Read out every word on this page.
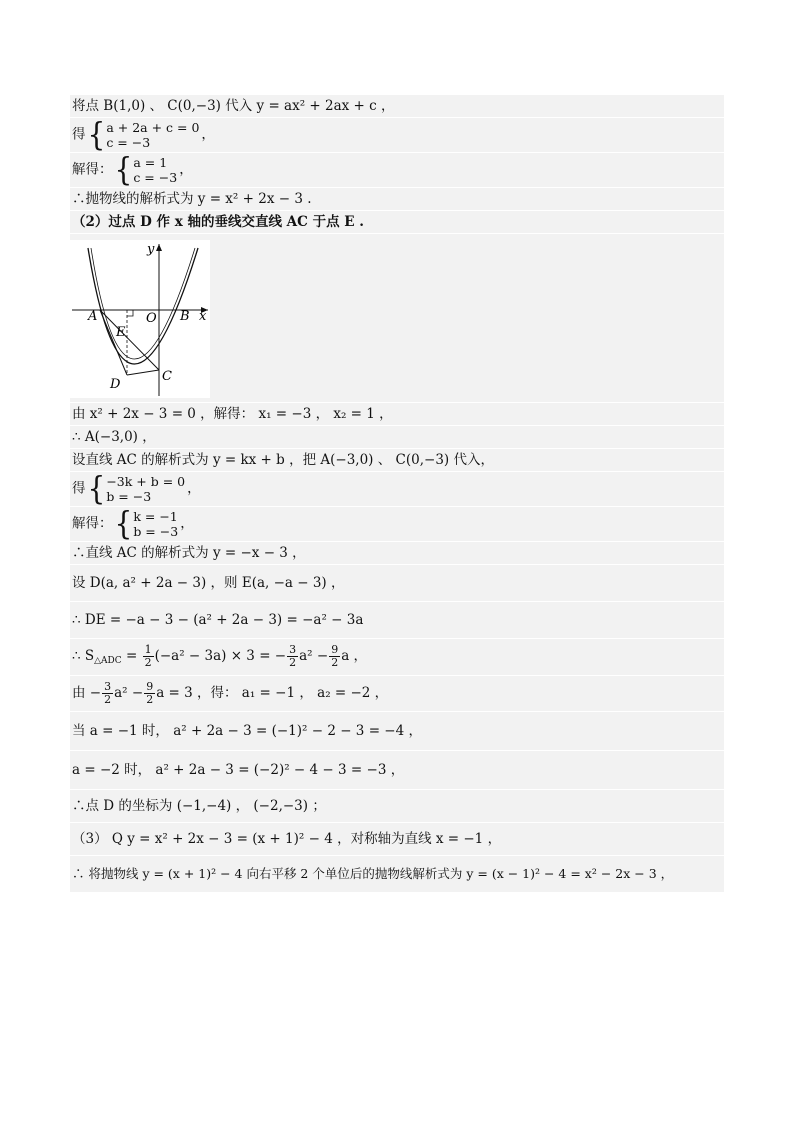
将点 B(1,0) 、 C(0,−3) 代入 y = ax² + 2ax + c ，
得 { a + 2a + c = 0
c = −3	，
解得： { a = 1
c = −3 ，
∴抛物线的解析式为 y = x² + 2x − 3 .
（2）过点 D 作 x 轴的垂线交直线 AC 于点 E .
y
x
A	O B
E
D
C
由 x² + 2x − 3 = 0 ，解得： x₁ = −3 ， x₂ = 1 ，
∴ A(−3,0) ，
设直线 AC 的解析式为 y = kx + b ，把 A(−3,0) 、 C(0,−3) 代入，
得 { −3k + b = 0
b = −3	，
解得： { k = −1
b = −3 ，
∴直线 AC 的解析式为 y = −x − 3 ，
设 D(a, a² + 2a − 3) ，则 E(a, −a − 3) ，
∴ DE = −a − 3 − (a² + 2a − 3) = −a² − 3a
∴ $S_{\triangle ADC} = \frac{1}{2} (-a^2 - 3a) \times 3$ = − $\frac{3}{2} a^2 - \frac{9}{2}$ a ，
由 − $\frac{3}{2} a^2 - \frac{9}{2}$ a = 3 ，得： a₁ = −1 ， a₂ = −2 ，
当 a = −1 时， a² + 2a − 3 = (−1)² − 2 − 3 = −4 ，
a = −2 时， a² + 2a − 3 = (−2)² − 4 − 3 = −3 ，
∴点 D 的坐标为 (−1,−4) ， (−2,−3) ；
（3） Q y = x² + 2x − 3 = (x + 1)² − 4 ，对称轴为直线 x = −1 ，
∴ 将抛物线 y = (x + 1)² − 4 向右平移 2 个单位后的抛物线解析式为 y = (x − 1)² − 4 = x² − 2x − 3 ，
